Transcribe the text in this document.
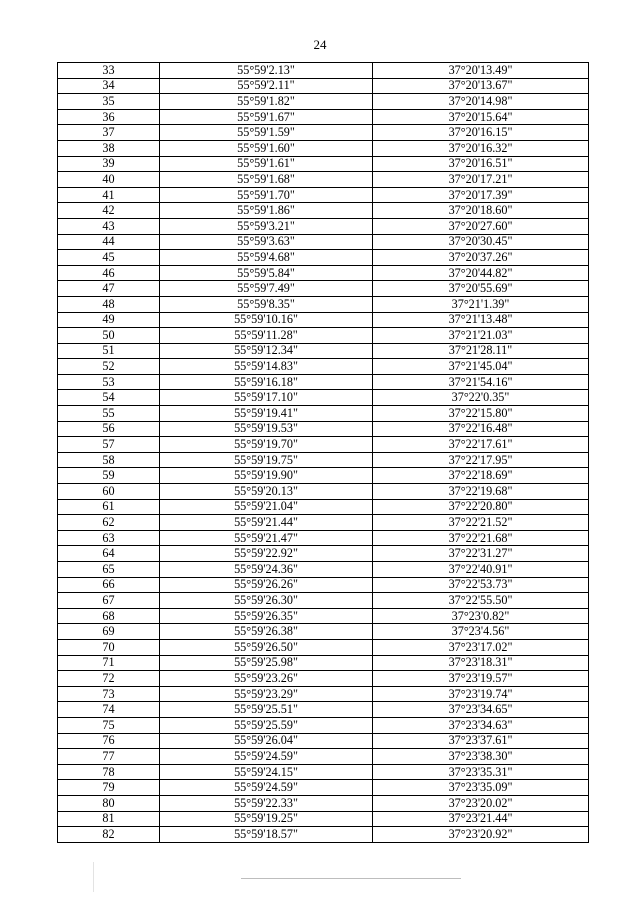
24
33	55°59'2.13"	37°20'13.49"
34	55°59'2.11"	37°20'13.67"
35	55°59'1.82"	37°20'14.98"
36	55°59'1.67"	37°20'15.64"
37	55°59'1.59"	37°20'16.15"
38	55°59'1.60"	37°20'16.32"
39	55°59'1.61"	37°20'16.51"
40	55°59'1.68"	37°20'17.21"
41	55°59'1.70"	37°20'17.39"
42	55°59'1.86"	37°20'18.60"
43	55°59'3.21"	37°20'27.60"
44	55°59'3.63"	37°20'30.45"
45	55°59'4.68"	37°20'37.26"
46	55°59'5.84"	37°20'44.82"
47	55°59'7.49"	37°20'55.69"
48	55°59'8.35"	37°21'1.39"
49	55°59'10.16"	37°21'13.48"
50	55°59'11.28"	37°21'21.03"
51	55°59'12.34"	37°21'28.11"
52	55°59'14.83"	37°21'45.04"
53	55°59'16.18"	37°21'54.16"
54	55°59'17.10"	37°22'0.35"
55	55°59'19.41"	37°22'15.80"
56	55°59'19.53"	37°22'16.48"
57	55°59'19.70"	37°22'17.61"
58	55°59'19.75"	37°22'17.95"
59	55°59'19.90"	37°22'18.69"
60	55°59'20.13"	37°22'19.68"
61	55°59'21.04"	37°22'20.80"
62	55°59'21.44"	37°22'21.52"
63	55°59'21.47"	37°22'21.68"
64	55°59'22.92"	37°22'31.27"
65	55°59'24.36"	37°22'40.91"
66	55°59'26.26"	37°22'53.73"
67	55°59'26.30"	37°22'55.50"
68	55°59'26.35"	37°23'0.82"
69	55°59'26.38"	37°23'4.56"
70	55°59'26.50"	37°23'17.02"
71	55°59'25.98"	37°23'18.31"
72	55°59'23.26"	37°23'19.57"
73	55°59'23.29"	37°23'19.74"
74	55°59'25.51"	37°23'34.65"
75	55°59'25.59"	37°23'34.63"
76	55°59'26.04"	37°23'37.61"
77	55°59'24.59"	37°23'38.30"
78	55°59'24.15"	37°23'35.31"
79	55°59'24.59"	37°23'35.09"
80	55°59'22.33"	37°23'20.02"
81	55°59'19.25"	37°23'21.44"
82	55°59'18.57"	37°23'20.92"
